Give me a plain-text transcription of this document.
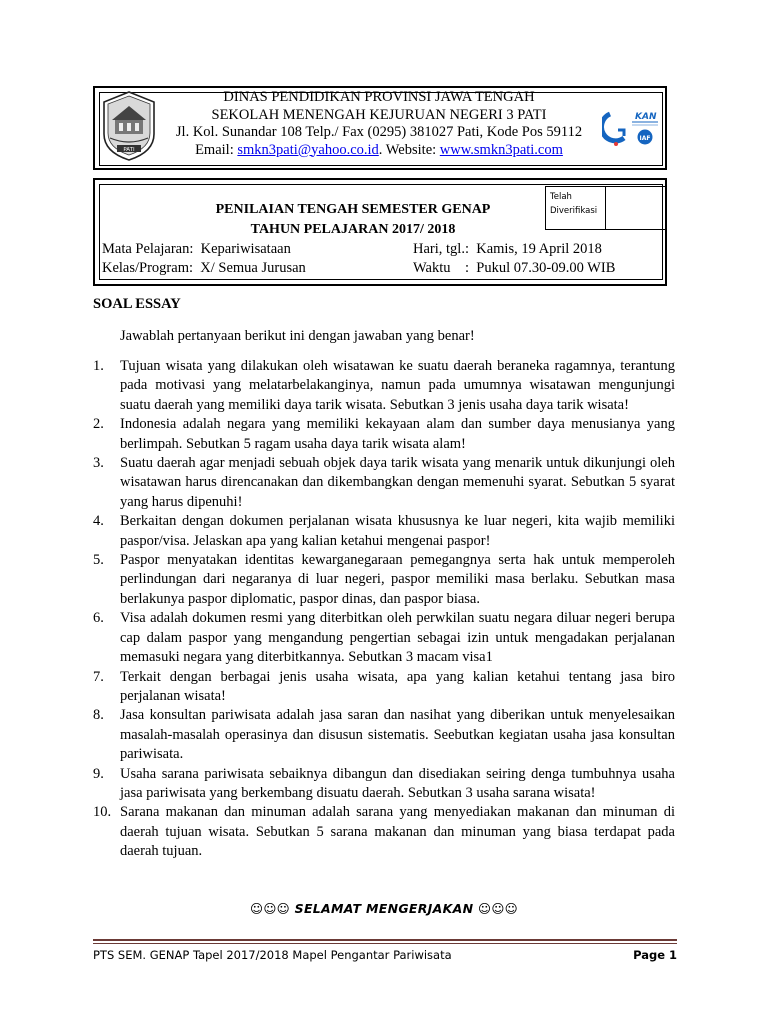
PATI
DINAS PENDIDIKAN PROVINSI JAWA TENGAH
SEKOLAH MENENGAH KEJURUAN NEGERI 3 PATI
Jl. Kol. Sunandar 108 Telp./ Fax (0295) 381027 Pati, Kode Pos 59112
Email: smkn3pati@yahoo.co.id. Website: www.smkn3pati.com
KAN
IAF
Telah Diverifikasi
PENILAIAN TENGAH SEMESTER GENAP
TAHUN PELAJARAN 2017/ 2018
Mata Pelajaran:  Kepariwisataan
Kelas/Program:  X/ Semua Jurusan
Hari, tgl.:  Kamis, 19 April 2018
Waktu    :  Pukul 07.30-09.00 WIB
SOAL ESSAY
Jawablah pertanyaan berikut ini dengan jawaban yang benar!
1.	Tujuan wisata yang dilakukan oleh wisatawan ke suatu daerah beraneka ragamnya, terantung pada motivasi yang melatarbelakanginya, namun pada umumnya wisatawan mengunjungi suatu daerah yang memiliki daya tarik wisata. Sebutkan 3 jenis usaha daya tarik wisata!
2.	Indonesia adalah negara yang memiliki kekayaan alam dan sumber daya menusianya yang berlimpah. Sebutkan 5 ragam usaha daya tarik wisata alam!
3.	Suatu daerah agar menjadi sebuah objek daya tarik wisata yang menarik untuk dikunjungi oleh wisatawan harus direncanakan dan dikembangkan dengan memenuhi syarat. Sebutkan 5 syarat yang harus dipenuhi!
4.	Berkaitan dengan dokumen perjalanan wisata khususnya ke luar negeri, kita wajib memiliki paspor/visa. Jelaskan apa yang kalian ketahui mengenai paspor!
5.	Paspor menyatakan identitas kewarganegaraan pemegangnya serta hak untuk memperoleh perlindungan dari negaranya di luar negeri, paspor memiliki masa berlaku. Sebutkan masa berlakunya paspor diplomatic, paspor dinas, dan paspor biasa.
6.	Visa adalah dokumen resmi yang diterbitkan oleh perwkilan suatu negara diluar negeri berupa cap dalam paspor yang mengandung pengertian sebagai izin untuk mengadakan perjalanan memasuki negara yang diterbitkannya. Sebutkan 3 macam visa1
7.	Terkait dengan berbagai jenis usaha wisata, apa yang kalian ketahui tentang jasa biro perjalanan wisata!
8.	Jasa konsultan pariwisata adalah jasa saran dan nasihat yang diberikan untuk menyelesaikan masalah-masalah operasinya dan disusun sistematis. Seebutkan kegiatan usaha jasa konsultan pariwisata.
9.	Usaha sarana pariwisata sebaiknya dibangun dan disediakan seiring denga tumbuhnya usaha jasa pariwisata yang berkembang disuatu daerah. Sebutkan 3 usaha sarana wisata!
10. Sarana makanan dan minuman adalah sarana yang menyediakan makanan dan minuman di daerah tujuan wisata. Sebutkan 5 sarana makanan dan minuman yang biasa terdapat pada daerah tujuan.
☺☺☺ SELAMAT MENGERJAKAN ☺☺☺
PTS SEM. GENAP Tapel 2017/2018 Mapel Pengantar Pariwisata	Page 1
